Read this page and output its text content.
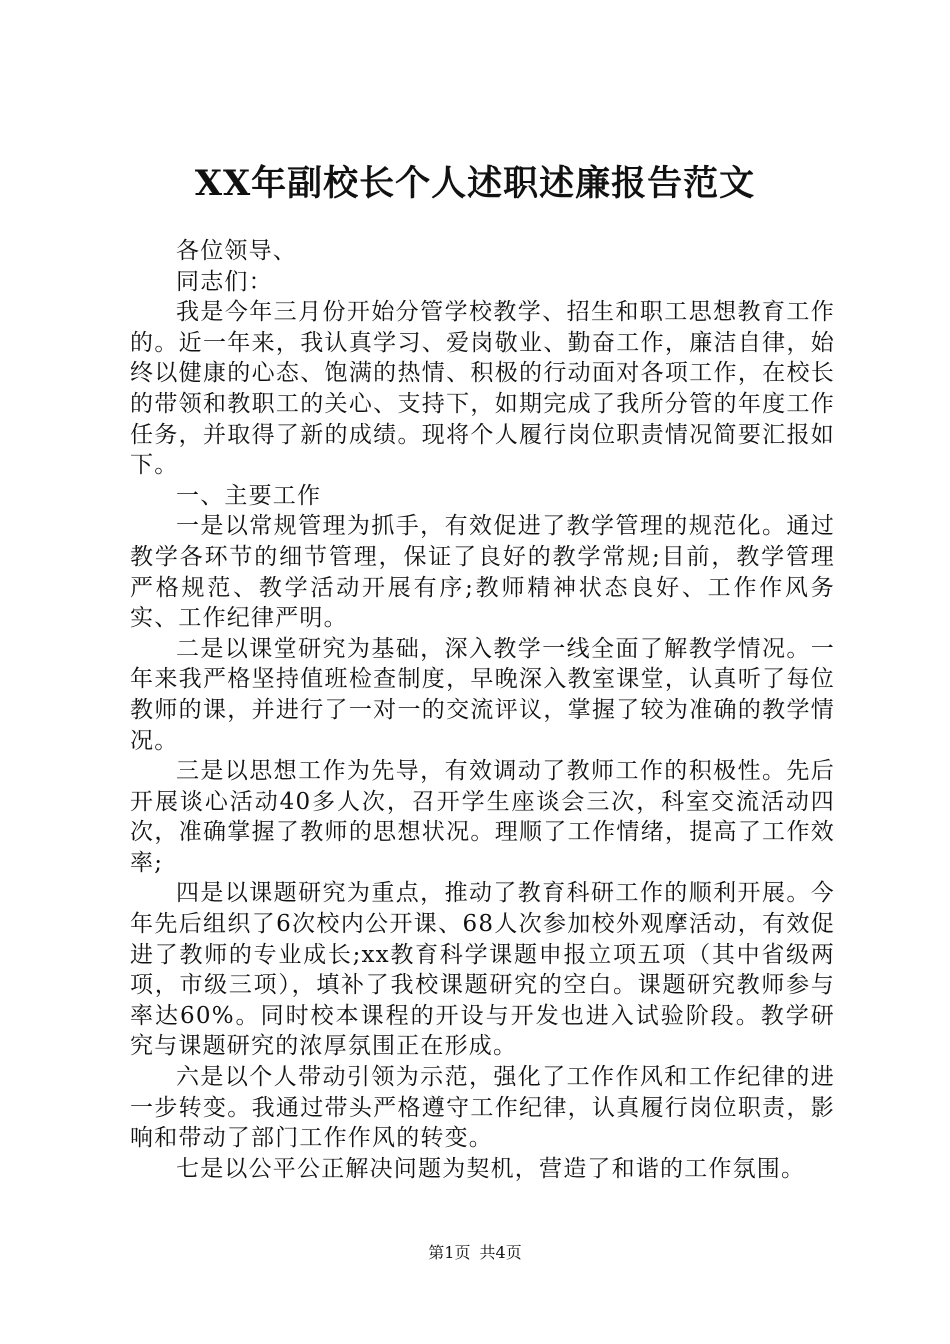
XX年副校长个人述职述廉报告范文

各位领导、

同志们：

我是今年三月份开始分管学校教学、招生和职工思想教育工作的。近一年来，我认真学习、爱岗敬业、勤奋工作，廉洁自律，始终以健康的心态、饱满的热情、积极的行动面对各项工作，在校长的带领和教职工的关心、支持下，如期完成了我所分管的年度工作任务，并取得了新的成绩。现将个人履行岗位职责情况简要汇报如下。

一、主要工作

一是以常规管理为抓手，有效促进了教学管理的规范化。通过教学各环节的细节管理，保证了良好的教学常规;目前，教学管理严格规范、教学活动开展有序;教师精神状态良好、工作作风务实、工作纪律严明。

二是以课堂研究为基础，深入教学一线全面了解教学情况。一年来我严格坚持值班检查制度，早晚深入教室课堂，认真听了每位教师的课，并进行了一对一的交流评议，掌握了较为准确的教学情况。

三是以思想工作为先导，有效调动了教师工作的积极性。先后开展谈心活动40多人次，召开学生座谈会三次，科室交流活动四次，准确掌握了教师的思想状况。理顺了工作情绪，提高了工作效率;

四是以课题研究为重点，推动了教育科研工作的顺利开展。今年先后组织了6次校内公开课、68人次参加校外观摩活动，有效促进了教师的专业成长;xx教育科学课题申报立项五项（其中省级两项，市级三项），填补了我校课题研究的空白。课题研究教师参与率达60%。同时校本课程的开设与开发也进入试验阶段。教学研究与课题研究的浓厚氛围正在形成。

六是以个人带动引领为示范，强化了工作作风和工作纪律的进一步转变。我通过带头严格遵守工作纪律，认真履行岗位职责，影响和带动了部门工作作风的转变。

七是以公平公正解决问题为契机，营造了和谐的工作氛围。

第1页 共4页
